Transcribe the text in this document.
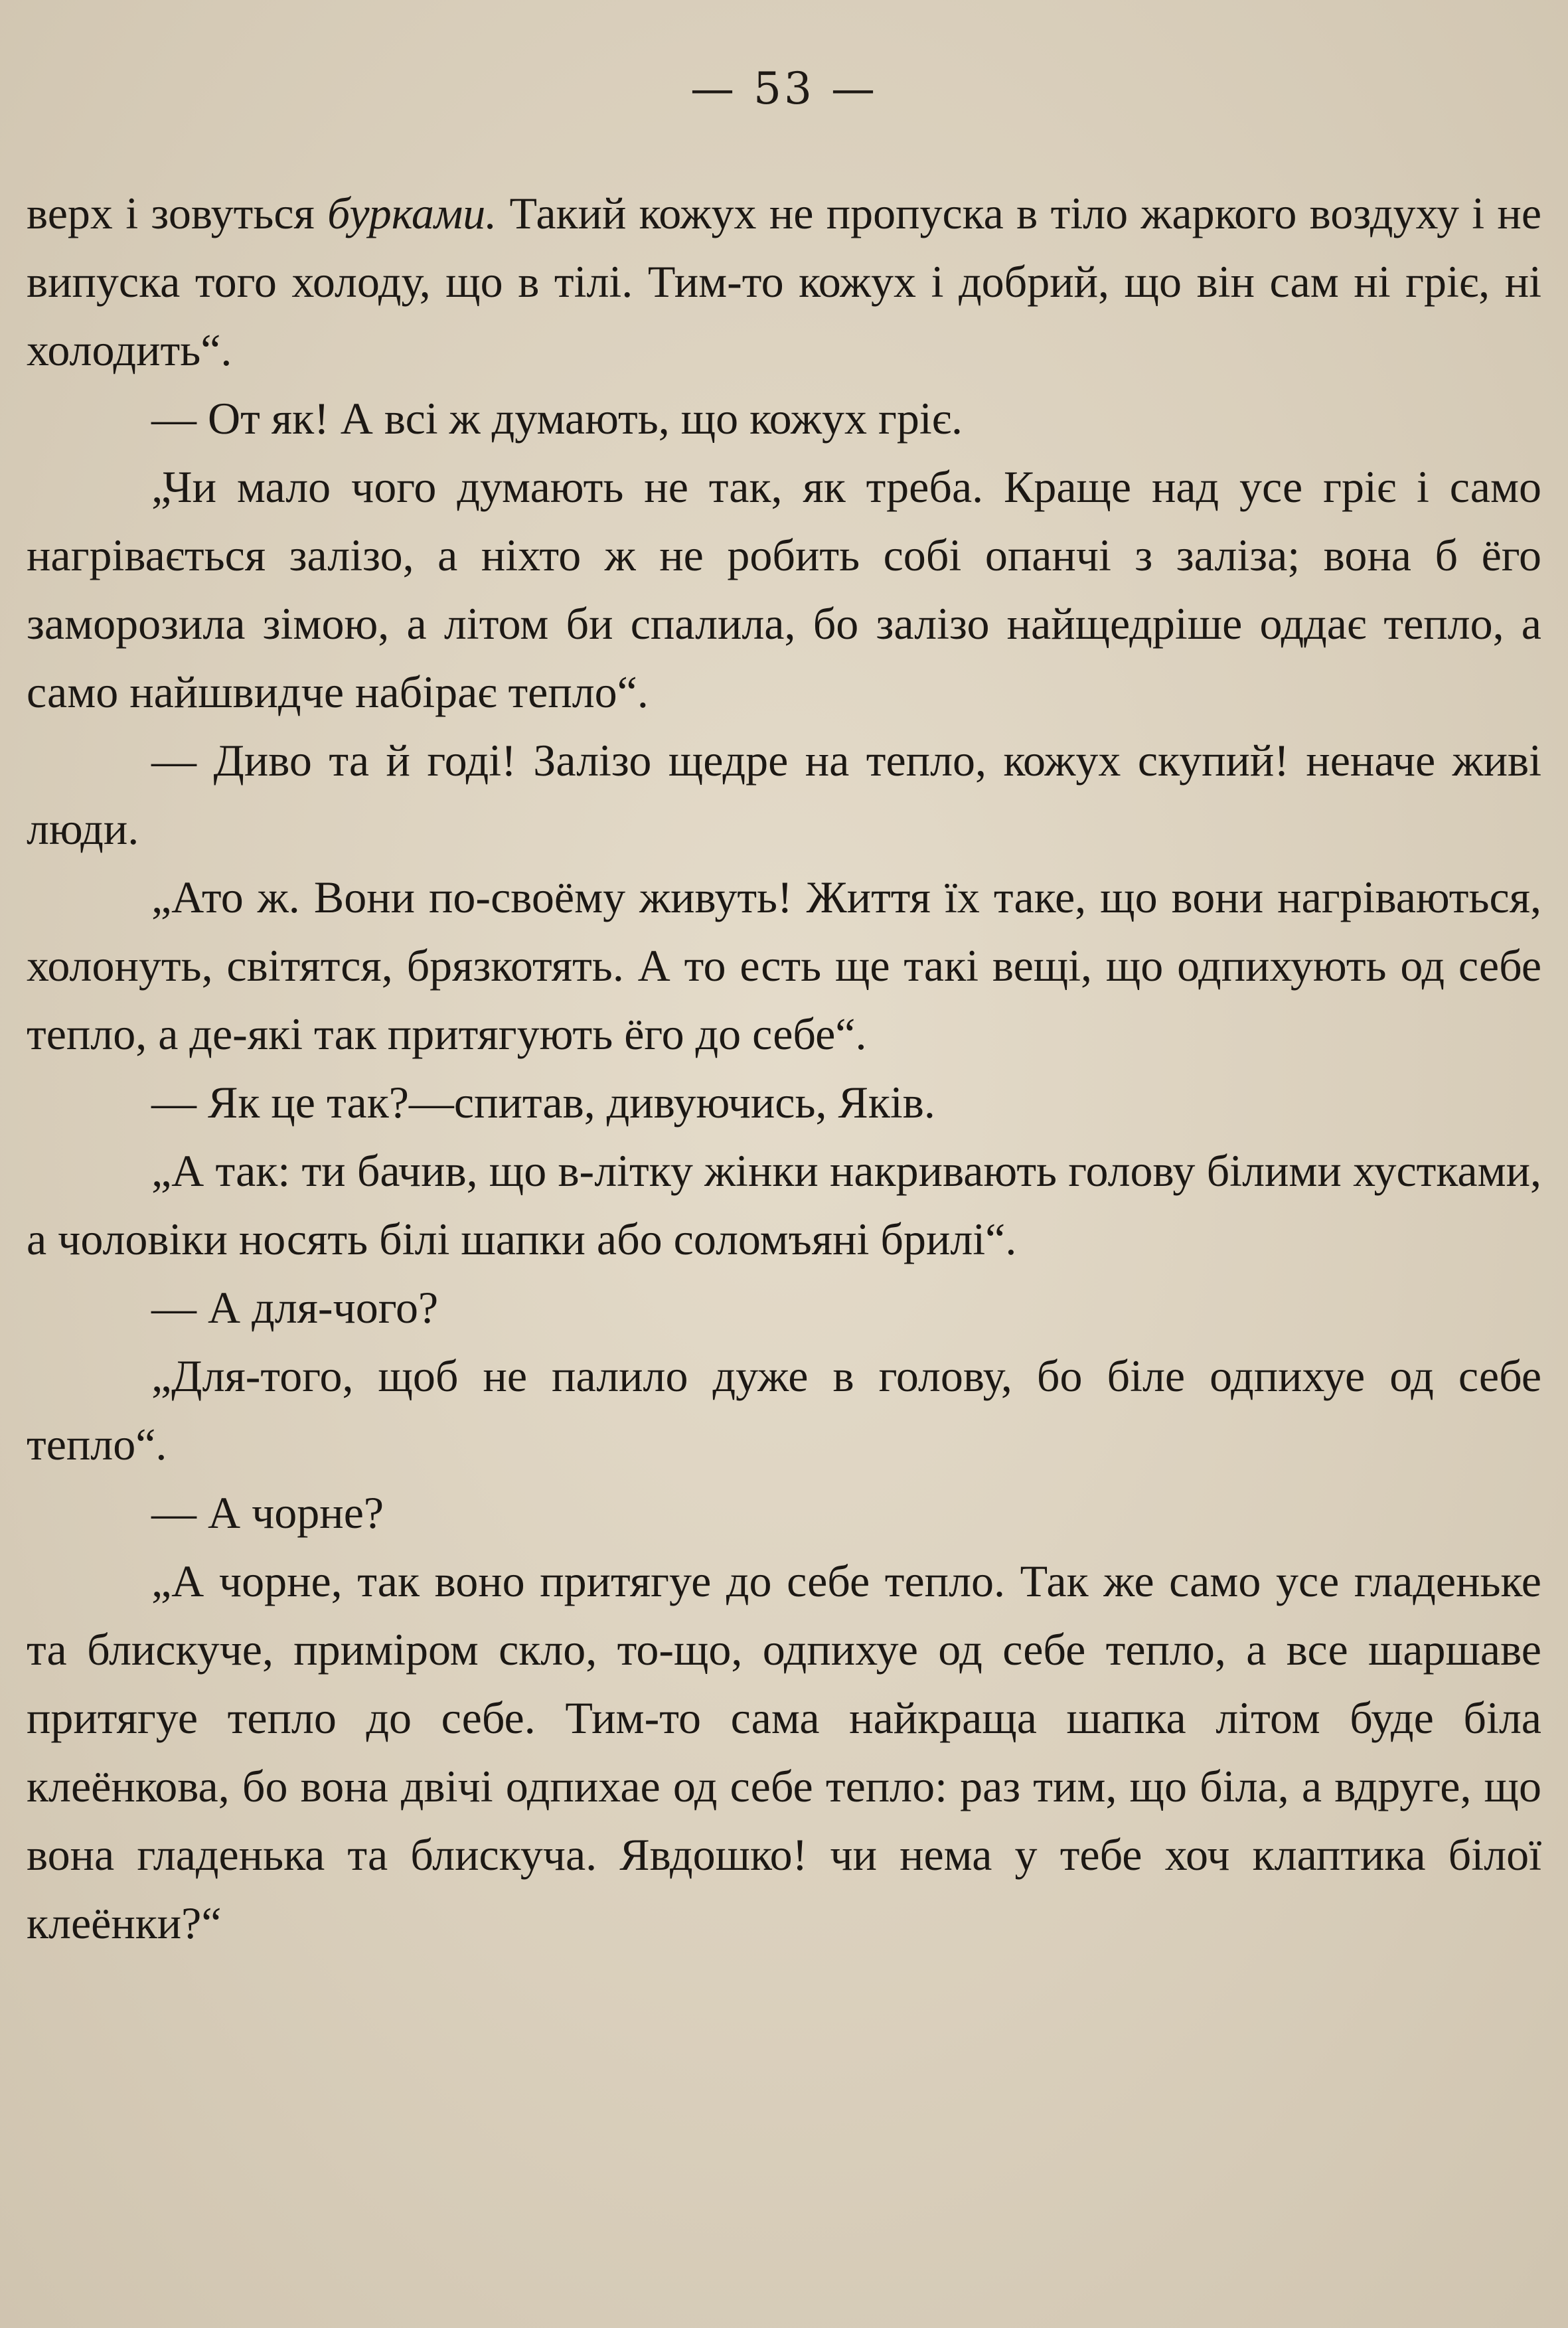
— 53 —

верх і зовуться бурками. Такий кожух не пропуска в тіло жаркого воздуху і не випуска того холоду, що в тілі. Тим-то кожух і добрий, що він сам ні гріє, ні холодить“.

— От як! А всі ж думають, що кожух гріє.

„Чи мало чого думають не так, як треба. Краще над усе гріє і само нагрівається залізо, а ніхто ж не робить собі опанчі з заліза; вона б ёго заморозила зімою, а літом би спалила, бо залізо найщедріше оддає тепло, а само найшвидче набірає тепло“.

— Диво та й годі! Залізо щедре на тепло, кожух скупий! неначе живі люди.

„Ато ж. Вони по-своёму живуть! Життя їх таке, що вони нагріваються, холонуть, світятся, брязкотять. А то есть ще такі вещі, що одпихують од себе тепло, а де-які так притягують ёго до себе“.

— Як це так?—спитав, дивуючись, Яків.

„А так: ти бачив, що в-літку жінки накривають голову білими хустками, а чоловіки носять білі шапки або соломъяні брилі“.

— А для-чого?

„Для-того, щоб не палило дуже в голову, бо біле одпихуе од себе тепло“.

— А чорне?

„А чорне, так воно притягуе до себе тепло. Так же само усе гладеньке та блискуче, приміром скло, то-що, одпихуе од себе тепло, а все шаршаве притягуе тепло до себе. Тим-то сама найкраща шапка літом буде біла клеёнкова, бо вона двічі одпихае од себе тепло: раз тим, що біла, а вдруге, що вона гладенька та блискуча. Явдошко! чи нема у тебе хоч клаптика білої клеёнки?“
